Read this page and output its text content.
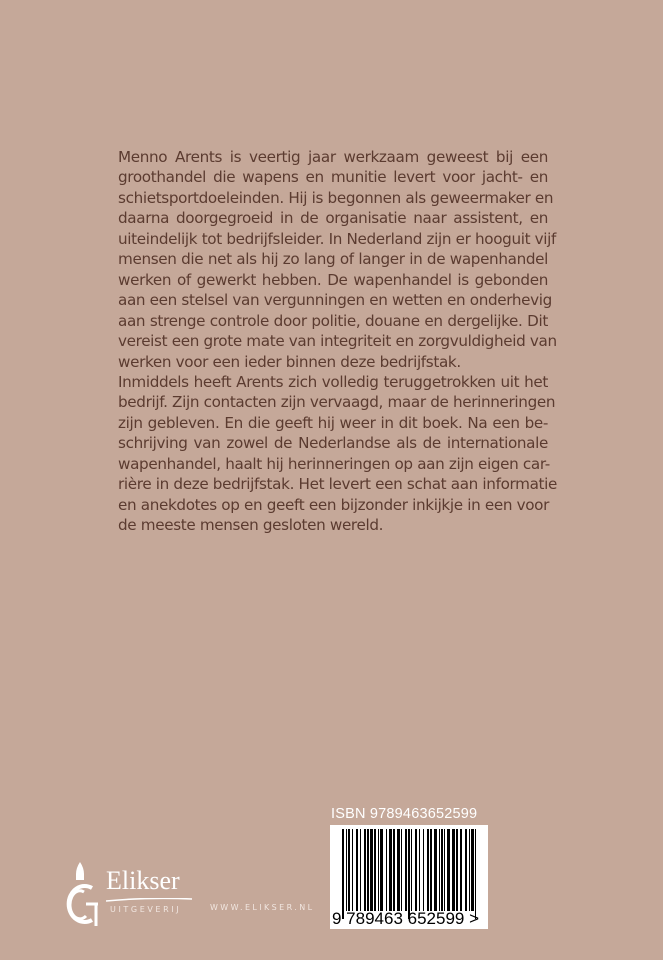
Menno Arents is veertig jaar werkzaam geweest bij een
groothandel die wapens en munitie levert voor jacht- en
schietsportdoeleinden. Hij is begonnen als geweermaker en
daarna doorgegroeid in de organisatie naar assistent, en
uiteindelijk tot bedrijfsleider. In Nederland zijn er hooguit vijf
mensen die net als hij zo lang of langer in de wapenhandel
werken of gewerkt hebben. De wapenhandel is gebonden
aan een stelsel van vergunningen en wetten en onderhevig
aan strenge controle door politie, douane en dergelijke. Dit
vereist een grote mate van integriteit en zorgvuldigheid van
werken voor een ieder binnen deze bedrijfstak.
Inmiddels heeft Arents zich volledig teruggetrokken uit het
bedrijf. Zijn contacten zijn vervaagd, maar de herinneringen
zijn gebleven. En die geeft hij weer in dit boek. Na een be-
schrijving van zowel de Nederlandse als de internationale
wapenhandel, haalt hij herinneringen op aan zijn eigen car-
rière in deze bedrijfstak. Het levert een schat aan informatie
en anekdotes op en geeft een bijzonder inkijkje in een voor
de meeste mensen gesloten wereld.
ISBN 9789463652599
9 789463 652599 >
Elikser
UITGEVERIJ	WWW.ELIKSER.NL
